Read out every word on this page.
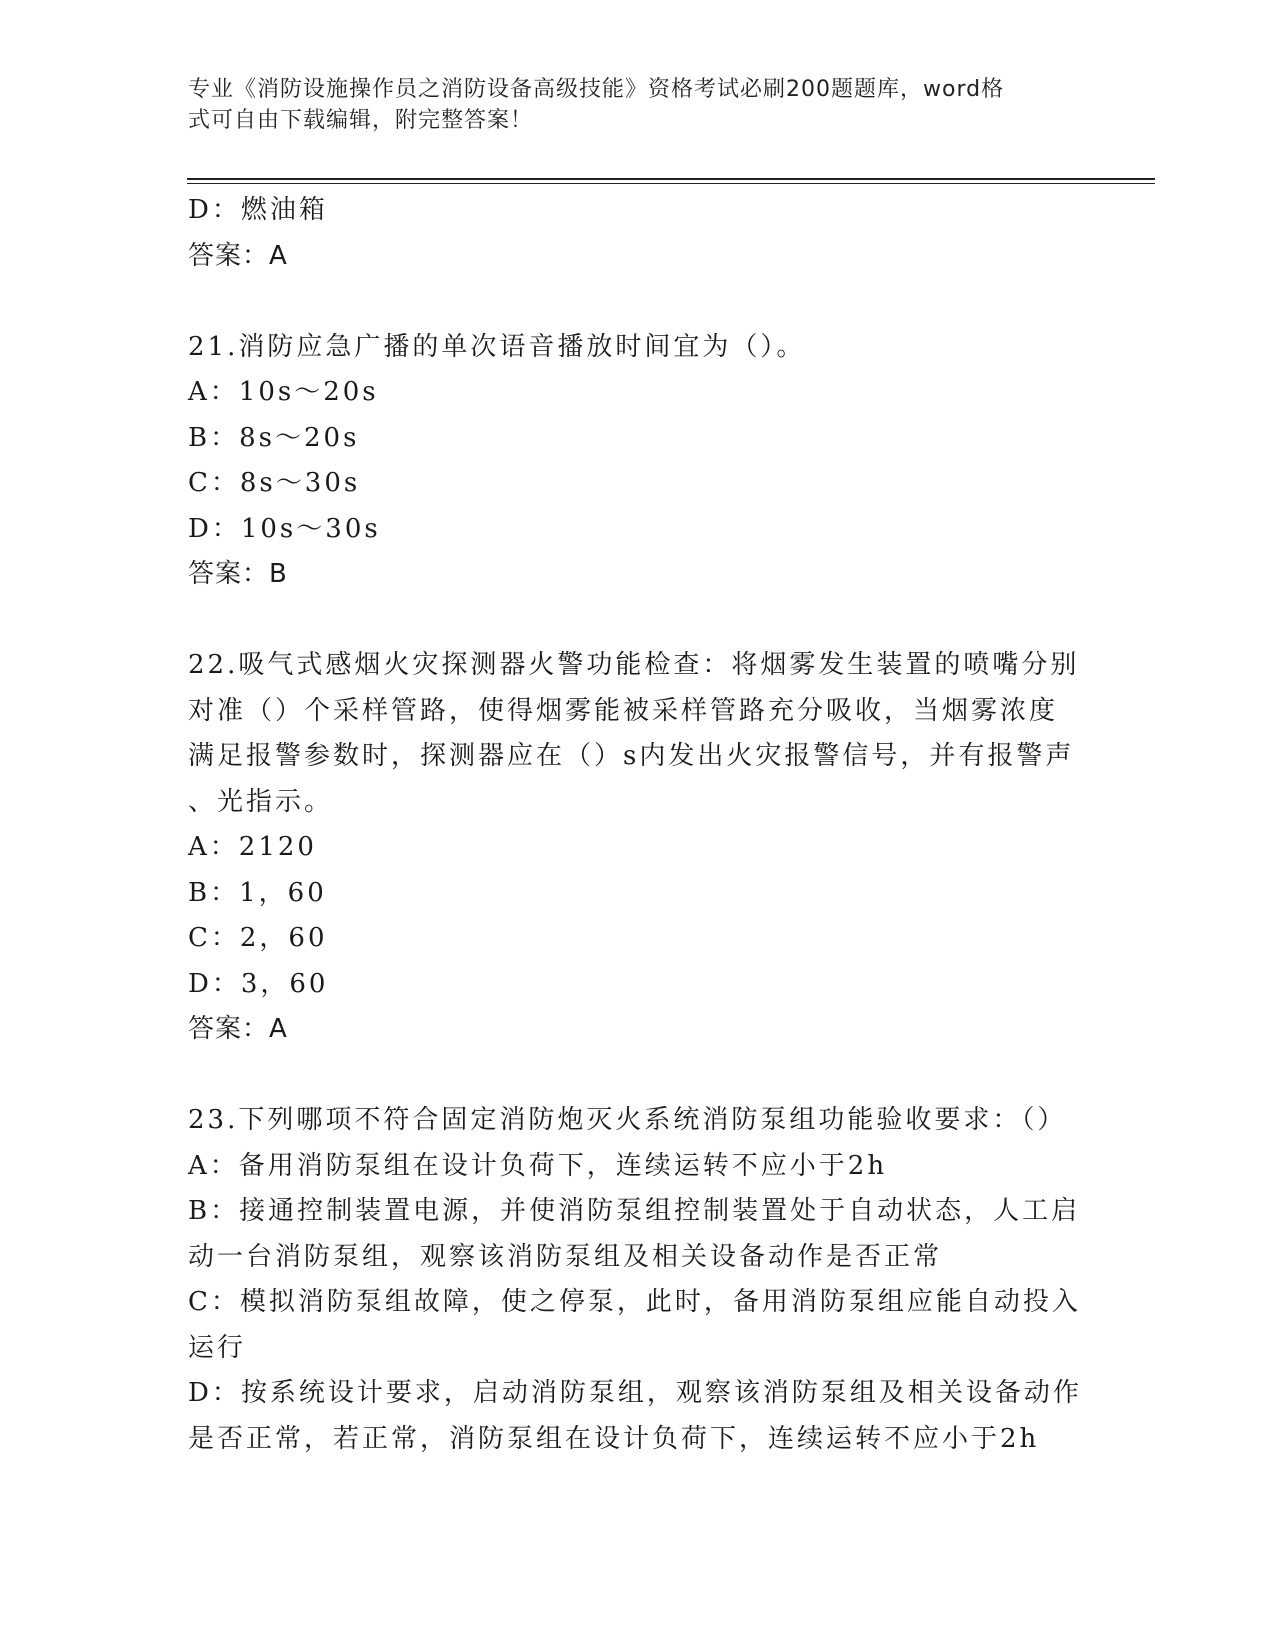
专业《消防设施操作员之消防设备高级技能》资格考试必刷200题题库，word格
式可自由下载编辑，附完整答案！
D：燃油箱
答案：A
21.消防应急广播的单次语音播放时间宜为（）。
A：10s～20s
B：8s～20s
C：8s～30s
D：10s～30s
答案：B
22.吸气式感烟火灾探测器火警功能检查：将烟雾发生装置的喷嘴分别
对准（）个采样管路，使得烟雾能被采样管路充分吸收，当烟雾浓度
满足报警参数时，探测器应在（）s内发出火灾报警信号，并有报警声
、光指示。
A：2120
B：1，60
C：2，60
D：3，60
答案：A
23.下列哪项不符合固定消防炮灭火系统消防泵组功能验收要求：（）
A：备用消防泵组在设计负荷下，连续运转不应小于2h
B：接通控制装置电源，并使消防泵组控制装置处于自动状态，人工启
动一台消防泵组，观察该消防泵组及相关设备动作是否正常
C：模拟消防泵组故障，使之停泵，此时，备用消防泵组应能自动投入
运行
D：按系统设计要求，启动消防泵组，观察该消防泵组及相关设备动作
是否正常，若正常，消防泵组在设计负荷下，连续运转不应小于2h
